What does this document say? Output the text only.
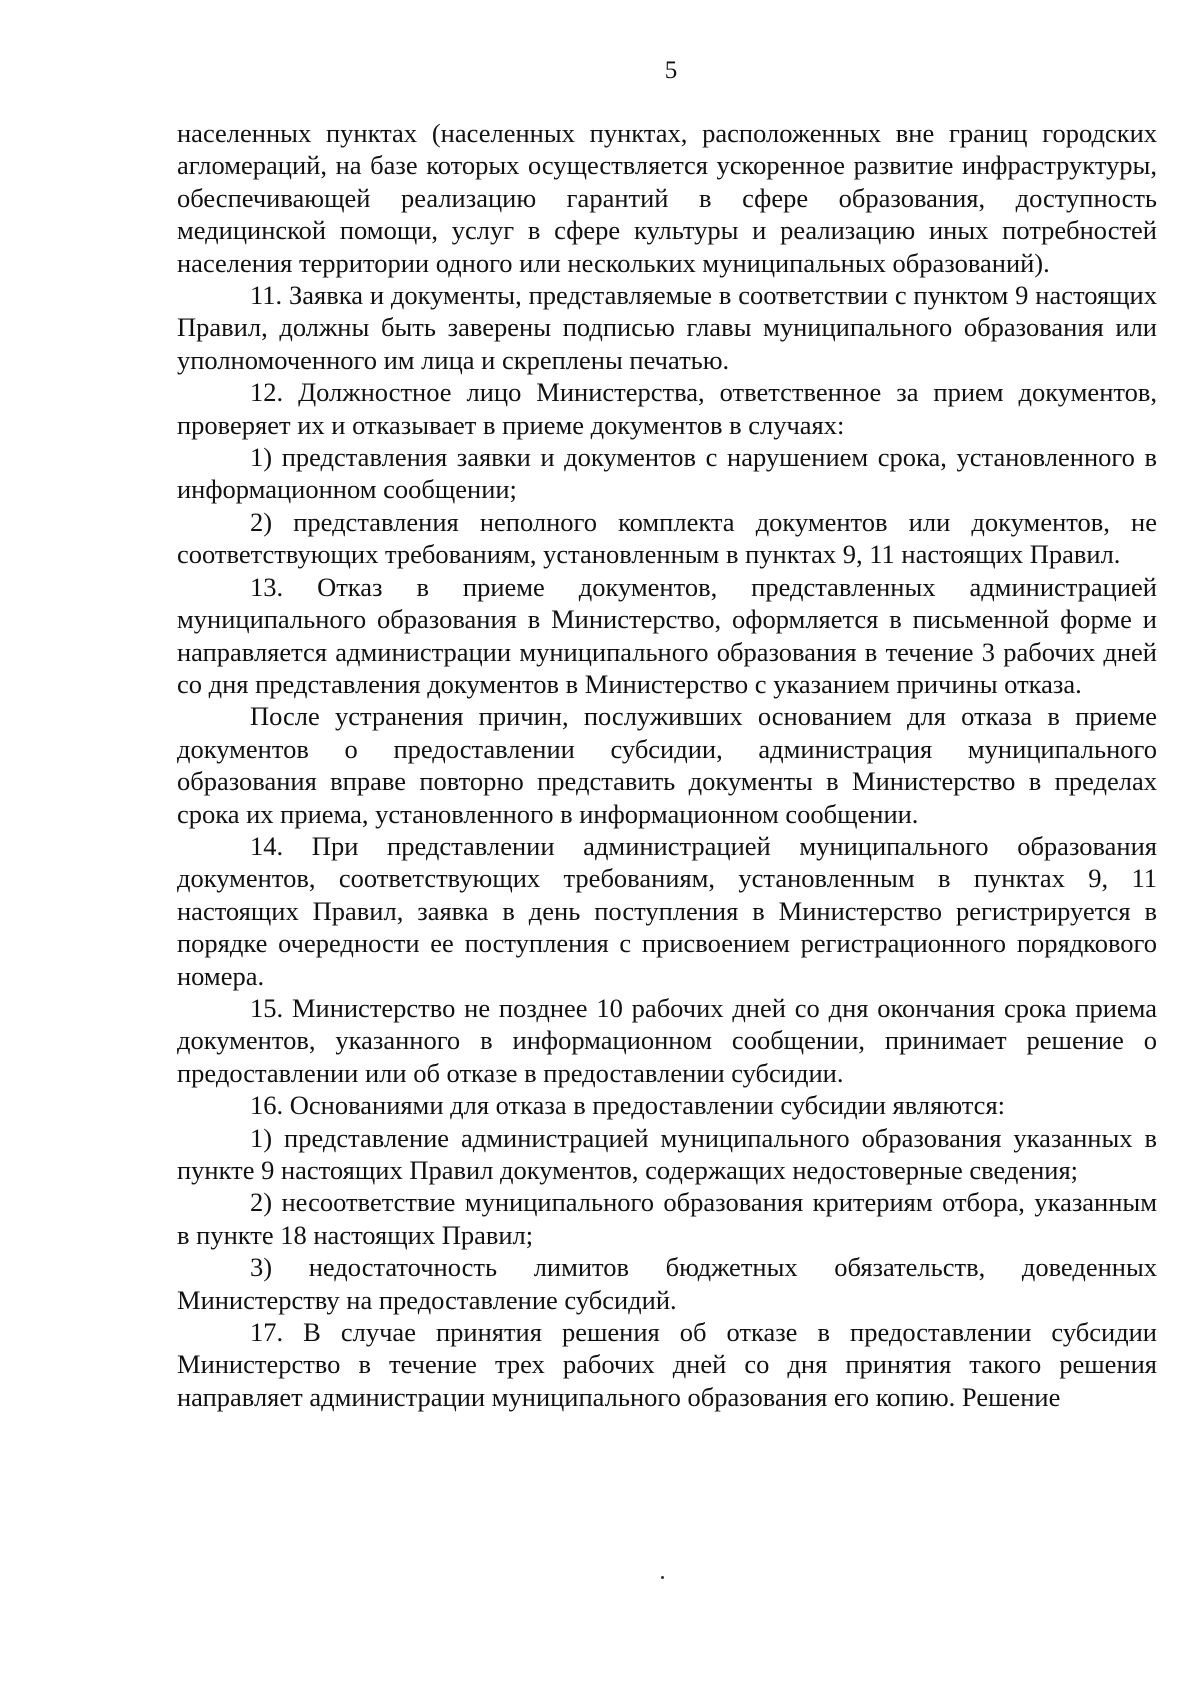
5

населенных пунктах (населенных пунктах, расположенных вне границ городских агломераций, на базе которых осуществляется ускоренное развитие инфраструктуры, обеспечивающей реализацию гарантий в сфере образования, доступность медицинской помощи, услуг в сфере культуры и реализацию иных потребностей населения территории одного или нескольких муниципальных образований).

11. Заявка и документы, представляемые в соответствии с пунктом 9 настоящих Правил, должны быть заверены подписью главы муниципального образования или уполномоченного им лица и скреплены печатью.

12. Должностное лицо Министерства, ответственное за прием документов, проверяет их и отказывает в приеме документов в случаях:

1) представления заявки и документов с нарушением срока, установленного в информационном сообщении;

2) представления неполного комплекта документов или документов, не соответствующих требованиям, установленным в пунктах 9, 11 настоящих Правил.

13. Отказ в приеме документов, представленных администрацией муниципального образования в Министерство, оформляется в письменной форме и направляется администрации муниципального образования в течение 3 рабочих дней со дня представления документов в Министерство с указанием причины отказа.

После устранения причин, послуживших основанием для отказа в приеме документов о предоставлении субсидии, администрация муниципального образования вправе повторно представить документы в Министерство в пределах срока их приема, установленного в информационном сообщении.

14. При представлении администрацией муниципального образования документов, соответствующих требованиям, установленным в пунктах 9, 11 настоящих Правил, заявка в день поступления в Министерство регистрируется в порядке очередности ее поступления с присвоением регистрационного порядкового номера.

15. Министерство не позднее 10 рабочих дней со дня окончания срока приема документов, указанного в информационном сообщении, принимает решение о предоставлении или об отказе в предоставлении субсидии.

16. Основаниями для отказа в предоставлении субсидии являются:

1) представление администрацией муниципального образования указанных в пункте 9 настоящих Правил документов, содержащих недостоверные сведения;

2) несоответствие муниципального образования критериям отбора, указанным в пункте 18 настоящих Правил;

3) недостаточность лимитов бюджетных обязательств, доведенных Министерству на предоставление субсидий.

17. В случае принятия решения об отказе в предоставлении субсидии Министерство в течение трех рабочих дней со дня принятия такого решения направляет администрации муниципального образования его копию. Решение
